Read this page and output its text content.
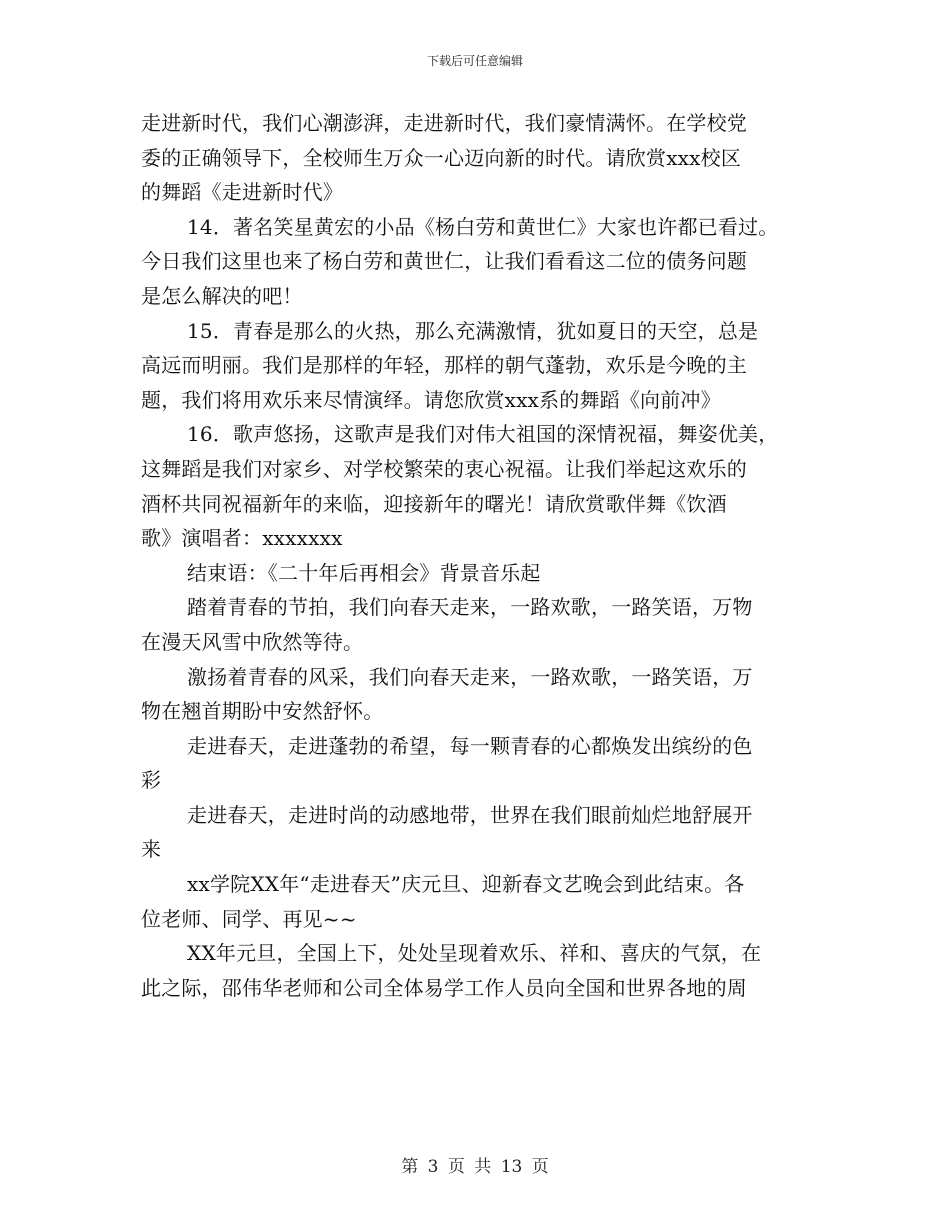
下载后可任意编辑
走进新时代，我们心潮澎湃，走进新时代，我们豪情满怀。在学校党
委的正确领导下，全校师生万众一心迈向新的时代。请欣赏xxx校区
的舞蹈《走进新时代》
14．著名笑星黄宏的小品《杨白劳和黄世仁》大家也许都已看过。
今日我们这里也来了杨白劳和黄世仁，让我们看看这二位的债务问题
是怎么解决的吧！
15．青春是那么的火热，那么充满激情，犹如夏日的天空，总是
高远而明丽。我们是那样的年轻，那样的朝气蓬勃，欢乐是今晚的主
题，我们将用欢乐来尽情演绎。请您欣赏xxx系的舞蹈《向前冲》
16．歌声悠扬，这歌声是我们对伟大祖国的深情祝福，舞姿优美，
这舞蹈是我们对家乡、对学校繁荣的衷心祝福。让我们举起这欢乐的
酒杯共同祝福新年的来临，迎接新年的曙光！请欣赏歌伴舞《饮酒
歌》演唱者：xxxxxxx
结束语：《二十年后再相会》背景音乐起
踏着青春的节拍，我们向春天走来，一路欢歌，一路笑语，万物
在漫天风雪中欣然等待。
激扬着青春的风采，我们向春天走来，一路欢歌，一路笑语，万
物在翘首期盼中安然舒怀。
走进春天，走进蓬勃的希望，每一颗青春的心都焕发出缤纷的色
彩
走进春天，走进时尚的动感地带，世界在我们眼前灿烂地舒展开
来
xx学院XX年“走进春天”庆元旦、迎新春文艺晚会到此结束。各
位老师、同学、再见~~
XX年元旦，全国上下，处处呈现着欢乐、祥和、喜庆的气氛，在
此之际，邵伟华老师和公司全体易学工作人员向全国和世界各地的周
第 3 页 共 13 页
